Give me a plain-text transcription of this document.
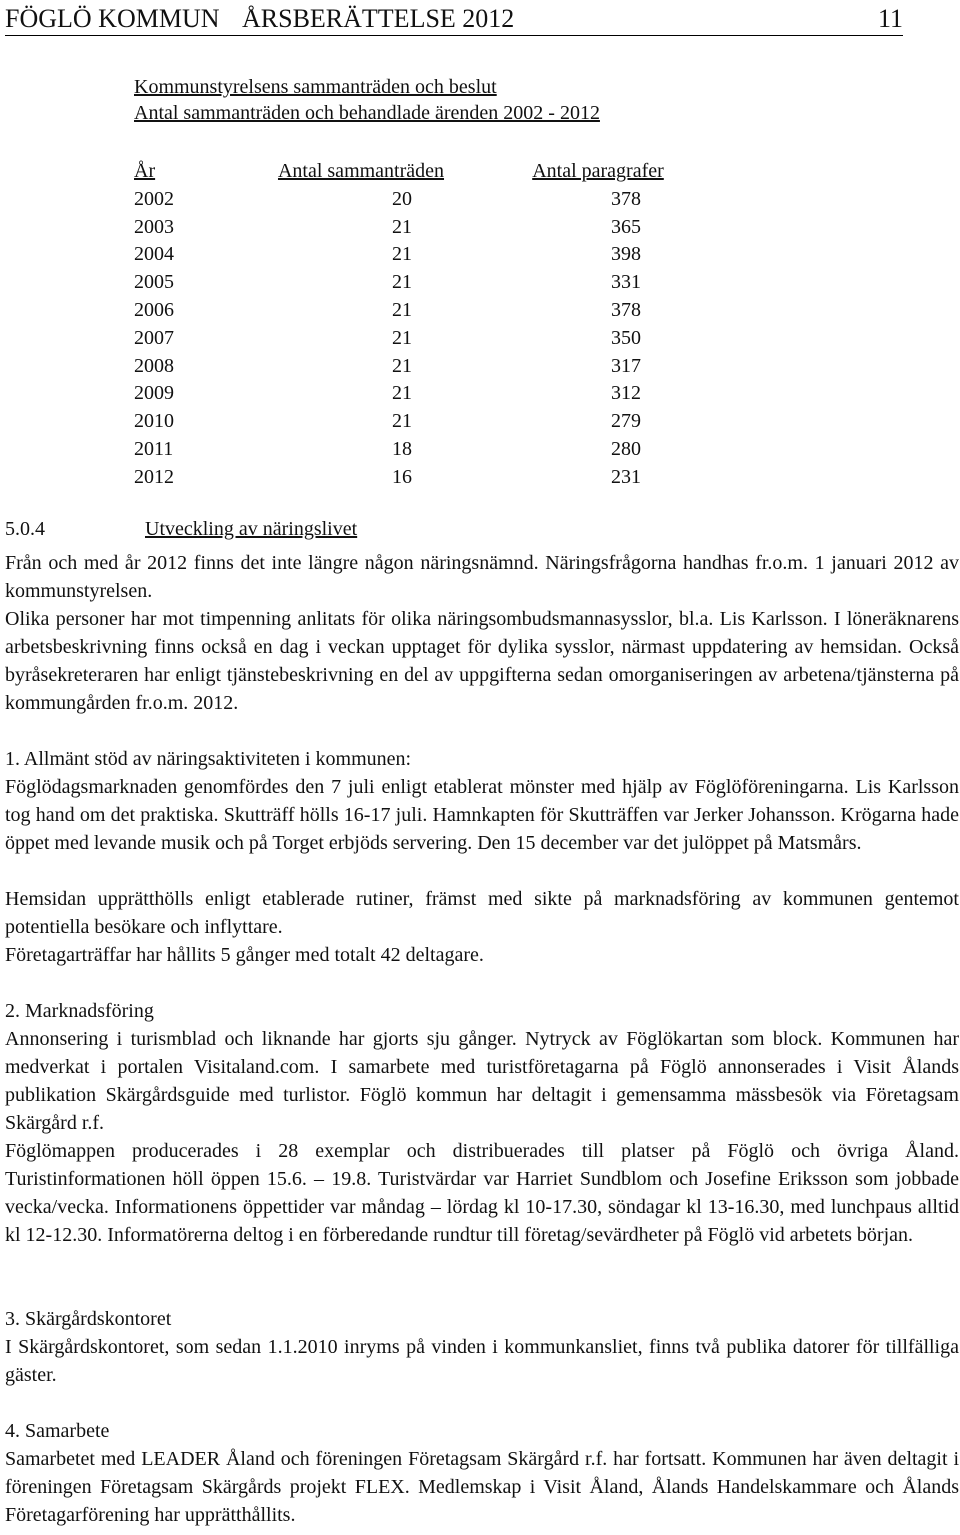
FÖGLÖ KOMMUN ÅRSBERÄTTELSE 2012	11
Kommunstyrelsens sammanträden och beslut
Antal sammanträden och behandlade ärenden 2002 - 2012
År	Antal sammanträden	Antal paragrafer
2002	20	378
2003	21	365
2004	21	398
2005	21	331
2006	21	378
2007	21	350
2008	21	317
2009	21	312
2010	21	279
2011	18	280
2012	16	231
5.0.4	Utveckling av näringslivet

Från och med år 2012 finns det inte längre någon näringsnämnd. Näringsfrågorna handhas fr.o.m. 1 januari 2012 av kommunstyrelsen.

Olika personer har mot timpenning anlitats för olika näringsombudsmannasysslor, bl.a. Lis Karlsson. I löneräknarens arbetsbeskrivning finns också en dag i veckan upptaget för dylika sysslor, närmast uppdatering av hemsidan. Också byråsekreteraren har enligt tjänstebeskrivning en del av uppgifterna sedan omorganiseringen av arbetena/tjänsterna på kommungården fr.o.m. 2012.

1. Allmänt stöd av näringsaktiviteten i kommunen:

Föglödagsmarknaden genomfördes den 7 juli enligt etablerat mönster med hjälp av Föglöföreningarna. Lis Karlsson tog hand om det praktiska. Skutträff hölls 16-17 juli. Hamnkapten för Skutträffen var Jerker Johansson. Krögarna hade öppet med levande musik och på Torget erbjöds servering. Den 15 december var det julöppet på Matsmårs.

Hemsidan upprätthölls enligt etablerade rutiner, främst med sikte på marknadsföring av kommunen gentemot potentiella besökare och inflyttare.

Företagarträffar har hållits 5 gånger med totalt 42 deltagare.

2. Marknadsföring

Annonsering i turismblad och liknande har gjorts sju gånger. Nytryck av Föglökartan som block. Kommunen har medverkat i portalen Visitaland.com. I samarbete med turistföretagarna på Föglö annonserades i Visit Ålands publikation Skärgårdsguide med turlistor. Föglö kommun har deltagit i gemensamma mässbesök via Företagsam Skärgård r.f.

Föglömappen producerades i 28 exemplar och distribuerades till platser på Föglö och övriga Åland. Turistinformationen höll öppen 15.6. – 19.8. Turistvärdar var Harriet Sundblom och Josefine Eriksson som jobbade vecka/vecka. Informationens öppettider var måndag – lördag kl 10-17.30, söndagar kl 13-16.30, med lunchpaus alltid kl 12-12.30. Informatörerna deltog i en förberedande rundtur till företag/sevärdheter på Föglö vid arbetets början.

3. Skärgårdskontoret

I Skärgårdskontoret, som sedan 1.1.2010 inryms på vinden i kommunkansliet, finns två publika datorer för tillfälliga gäster.

4. Samarbete

Samarbetet med LEADER Åland och föreningen Företagsam Skärgård r.f. har fortsatt. Kommunen har även deltagit i föreningen Företagsam Skärgårds projekt FLEX. Medlemskap i Visit Åland, Ålands Handelskammare och Ålands Företagarförening har upprätthållits.
